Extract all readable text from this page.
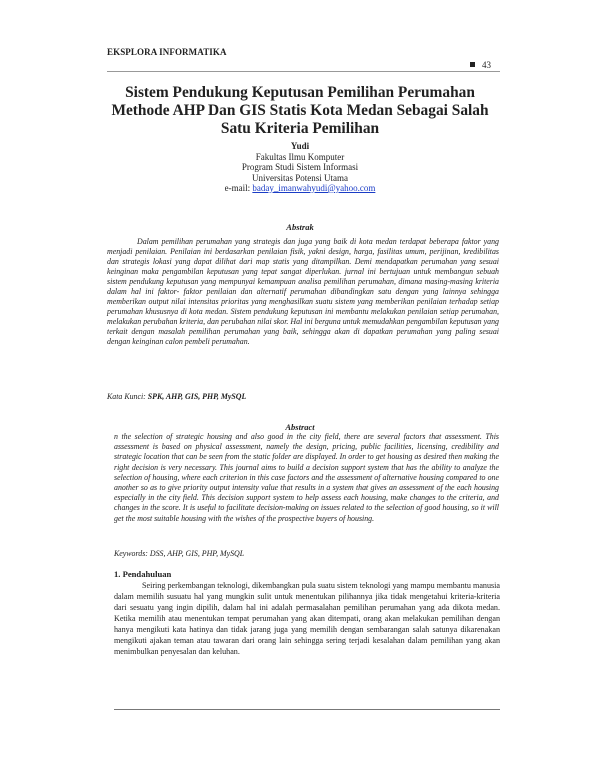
EKSPLORA INFORMATIKA
43
Sistem Pendukung Keputusan Pemilihan Perumahan Methode AHP Dan GIS Statis Kota Medan Sebagai Salah Satu Kriteria Pemilihan
Yudi
Fakultas Ilmu Komputer
Program Studi Sistem Informasi
Universitas Potensi Utama
e-mail: baday_imanwahyudi@yahoo.com
Abstrak
Dalam pemilihan perumahan yang strategis dan juga yang baik di kota medan terdapat beberapa faktor yang menjadi penilaian. Penilaian ini berdasarkan penilaian fisik, yakni design, harga, fasilitas umum, perijinan, kredibilitas dan strategis lokasi yang dapat dilihat dari map statis yang ditampilkan. Demi mendapatkan perumahan yang sesuai keinginan maka pengambilan keputusan yang tepat sangat diperlukan. jurnal ini bertujuan untuk membangun sebuah sistem pendukung keputusan yang mempunyai kemampuan analisa pemilihan perumahan, dimana masing-masing kriteria dalam hal ini faktor- faktor penilaian dan alternatif perumahan dibandingkan satu dengan yang lainnya sehingga memberikan output nilai intensitas prioritas yang menghasilkan suatu sistem yang memberikan penilaian terhadap setiap perumahan khususnya di kota medan. Sistem pendukung keputusan ini membantu melakukan penilaian setiap perumahan, melakukan perubahan kriteria, dan perubahan nilai skor. Hal ini berguna untuk memudahkan pengambilan keputusan yang terkait dengan masalah pemilihan perumahan yang baik, sehingga akan di dapatkan perumahan yang paling sesuai dengan keinginan calon pembeli perumahan.
Kata Kunci: SPK, AHP, GIS, PHP, MySQL
Abstract
n the selection of strategic housing and also good in the city field, there are several factors that assessment. This assessment is based on physical assessment, namely the design, pricing, public facilities, licensing, credibility and strategic location that can be seen from the static folder are displayed. In order to get housing as desired then making the right decision is very necessary. This journal aims to build a decision support system that has the ability to analyze the selection of housing, where each criterion in this case factors and the assessment of alternative housing compared to one another so as to give priority output intensity value that results in a system that gives an assessment of the each housing especially in the city field. This decision support system to help assess each housing, make changes to the criteria, and changes in the score. It is useful to facilitate decision-making on issues related to the selection of good housing, so it will get the most suitable housing with the wishes of the prospective buyers of housing.
Keywords: DSS, AHP, GIS, PHP, MySQL
1. Pendahuluan
Seiring perkembangan teknologi, dikembangkan pula suatu sistem teknologi yang mampu membantu manusia dalam memilih susuatu hal yang mungkin sulit untuk menentukan pilihannya jika tidak mengetahui kriteria-kriteria dari sesuatu yang ingin dipilih, dalam hal ini adalah permasalahan pemilihan perumahan yang ada dikota medan. Ketika memilih atau menentukan tempat perumahan yang akan ditempati, orang akan melakukan pemilihan dengan hanya mengikuti kata hatinya dan tidak jarang juga yang memilih dengan sembarangan salah satunya dikarenakan mengikuti ajakan teman atau tawaran dari orang lain sehingga sering terjadi kesalahan dalam pemilihan yang akan menimbulkan penyesalan dan keluhan.
